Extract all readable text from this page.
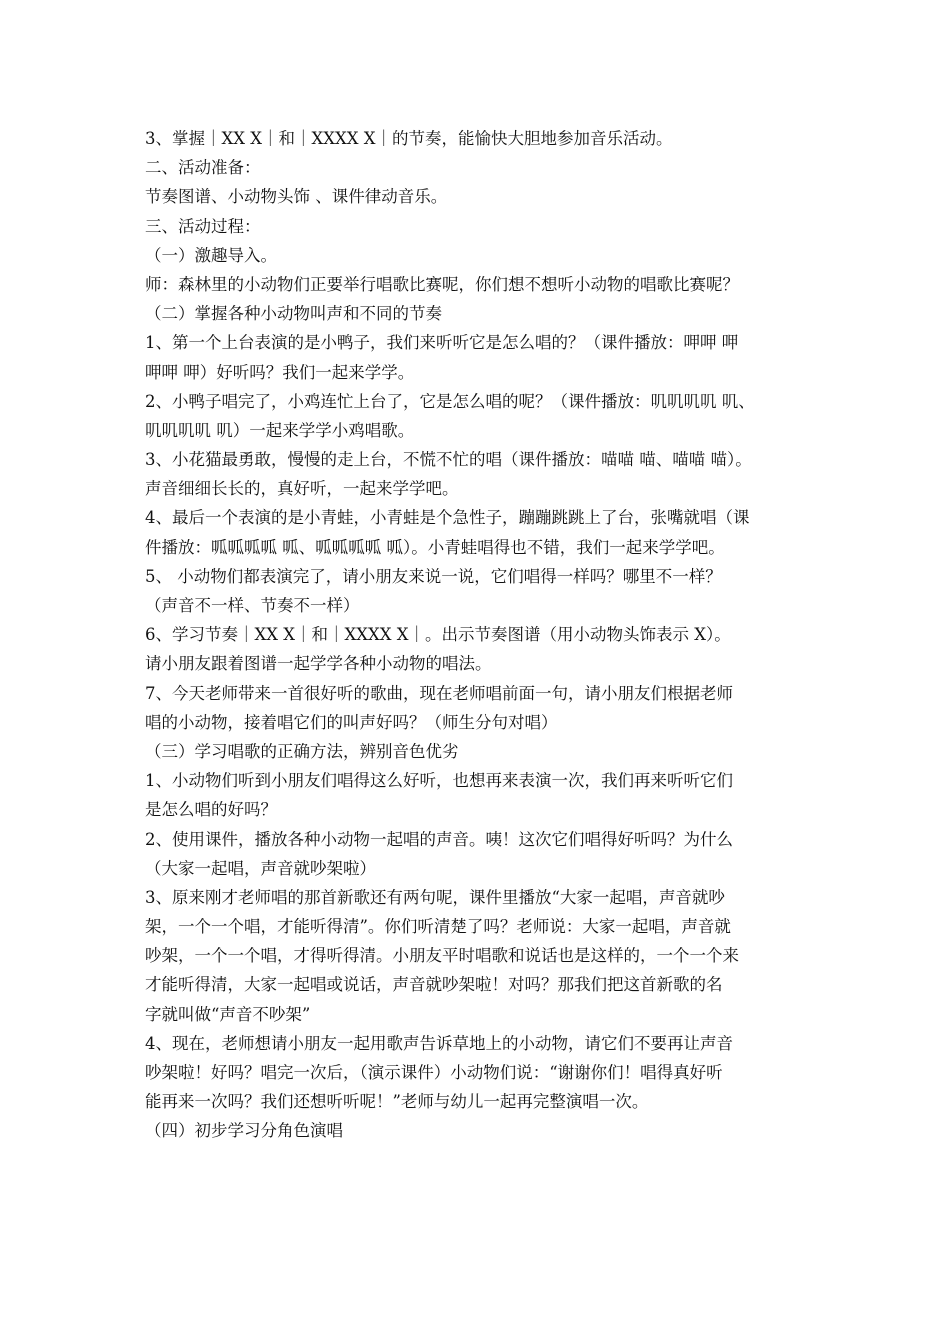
3、掌握｜XX X｜和｜XXXX X｜的节奏，能愉快大胆地参加音乐活动。
二、活动准备：
节奏图谱、小动物头饰 、课件律动音乐。
三、活动过程：
（一）激趣导入。
师：森林里的小动物们正要举行唱歌比赛呢，你们想不想听小动物的唱歌比赛呢？
（二）掌握各种小动物叫声和不同的节奏
1、第一个上台表演的是小鸭子，我们来听听它是怎么唱的？（课件播放：呷呷 呷
呷呷 呷）好听吗？我们一起来学学。
2、小鸭子唱完了，小鸡连忙上台了，它是怎么唱的呢？（课件播放：叽叽叽叽 叽、
叽叽叽叽 叽）一起来学学小鸡唱歌。
3、小花猫最勇敢，慢慢的走上台，不慌不忙的唱（课件播放：喵喵 喵、喵喵 喵）。
声音细细长长的，真好听，一起来学学吧。
4、最后一个表演的是小青蛙，小青蛙是个急性子，蹦蹦跳跳上了台，张嘴就唱（课
件播放：呱呱呱呱 呱、呱呱呱呱 呱）。小青蛙唱得也不错，我们一起来学学吧。
5、 小动物们都表演完了，请小朋友来说一说，它们唱得一样吗？哪里不一样？
（声音不一样、节奏不一样）
6、学习节奏｜XX X｜和｜XXXX X｜。出示节奏图谱（用小动物头饰表示 X）。
请小朋友跟着图谱一起学学各种小动物的唱法。
7、今天老师带来一首很好听的歌曲，现在老师唱前面一句，请小朋友们根据老师
唱的小动物，接着唱它们的叫声好吗？（师生分句对唱）
（三）学习唱歌的正确方法，辨别音色优劣
1、小动物们听到小朋友们唱得这么好听，也想再来表演一次，我们再来听听它们
是怎么唱的好吗？
2、使用课件，播放各种小动物一起唱的声音。咦！这次它们唱得好听吗？为什么
（大家一起唱，声音就吵架啦）
3、原来刚才老师唱的那首新歌还有两句呢，课件里播放“大家一起唱，声音就吵
架，一个一个唱，才能听得清”。你们听清楚了吗？老师说：大家一起唱，声音就
吵架，一个一个唱，才得听得清。小朋友平时唱歌和说话也是这样的，一个一个来
才能听得清，大家一起唱或说话，声音就吵架啦！对吗？那我们把这首新歌的名
字就叫做“声音不吵架”
4、现在，老师想请小朋友一起用歌声告诉草地上的小动物，请它们不要再让声音
吵架啦！好吗？唱完一次后，（演示课件）小动物们说：“谢谢你们！唱得真好听
能再来一次吗？我们还想听听呢！”老师与幼儿一起再完整演唱一次。
（四）初步学习分角色演唱
